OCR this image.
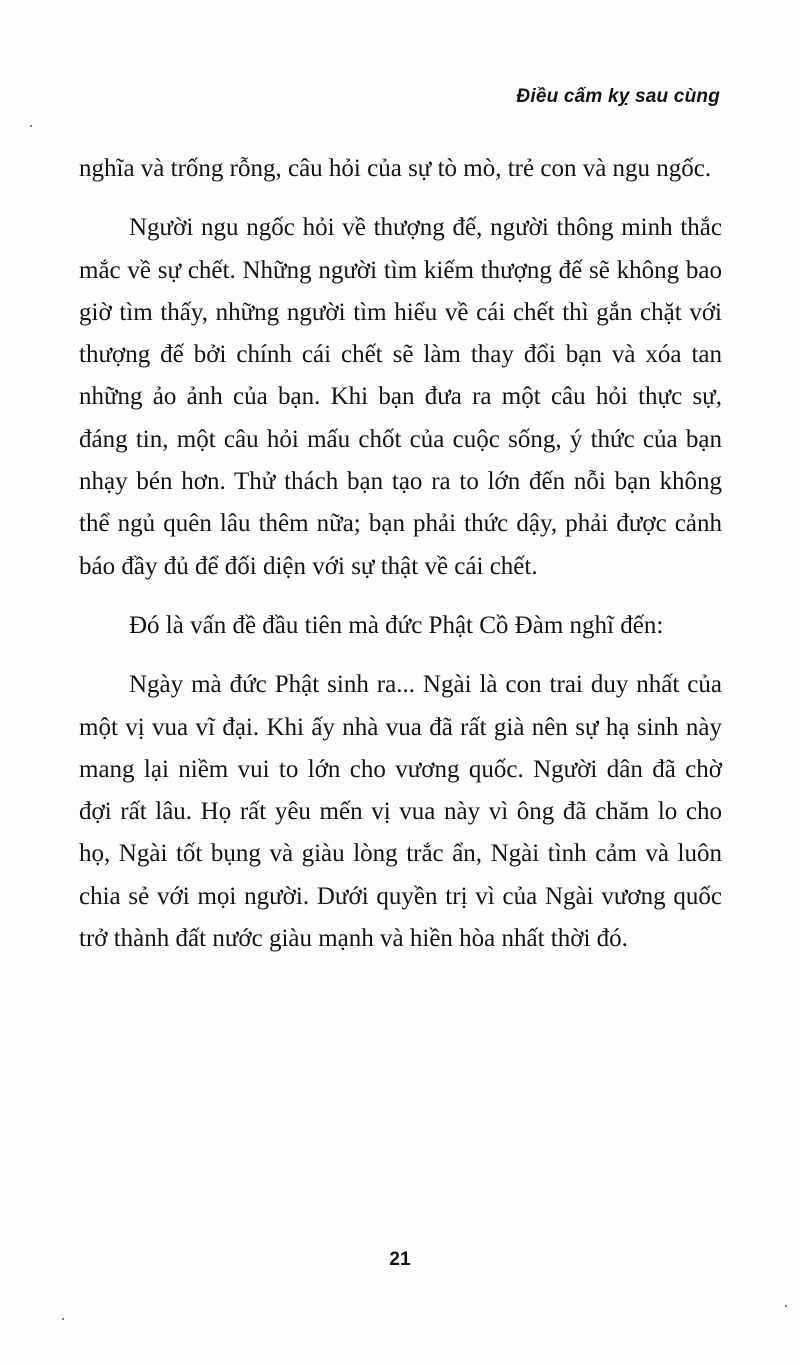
Điều cấm kỵ sau cùng

nghĩa và trống rỗng, câu hỏi của sự tò mò, trẻ con và ngu ngốc.

Người ngu ngốc hỏi về thượng đế, người thông minh thắc mắc về sự chết. Những người tìm kiếm thượng đế sẽ không bao giờ tìm thấy, những người tìm hiểu về cái chết thì gắn chặt với thượng đế bởi chính cái chết sẽ làm thay đổi bạn và xóa tan những ảo ảnh của bạn. Khi bạn đưa ra một câu hỏi thực sự, đáng tin, một câu hỏi mấu chốt của cuộc sống, ý thức của bạn nhạy bén hơn. Thử thách bạn tạo ra to lớn đến nỗi bạn không thể ngủ quên lâu thêm nữa; bạn phải thức dậy, phải được cảnh báo đầy đủ để đối diện với sự thật về cái chết.

Đó là vấn đề đầu tiên mà đức Phật Cồ Đàm nghĩ đến:

Ngày mà đức Phật sinh ra... Ngài là con trai duy nhất của một vị vua vĩ đại. Khi ấy nhà vua đã rất già nên sự hạ sinh này mang lại niềm vui to lớn cho vương quốc. Người dân đã chờ đợi rất lâu. Họ rất yêu mến vị vua này vì ông đã chăm lo cho họ, Ngài tốt bụng và giàu lòng trắc ẩn, Ngài tình cảm và luôn chia sẻ với mọi người. Dưới quyền trị vì của Ngài vương quốc trở thành đất nước giàu mạnh và hiền hòa nhất thời đó.

21
